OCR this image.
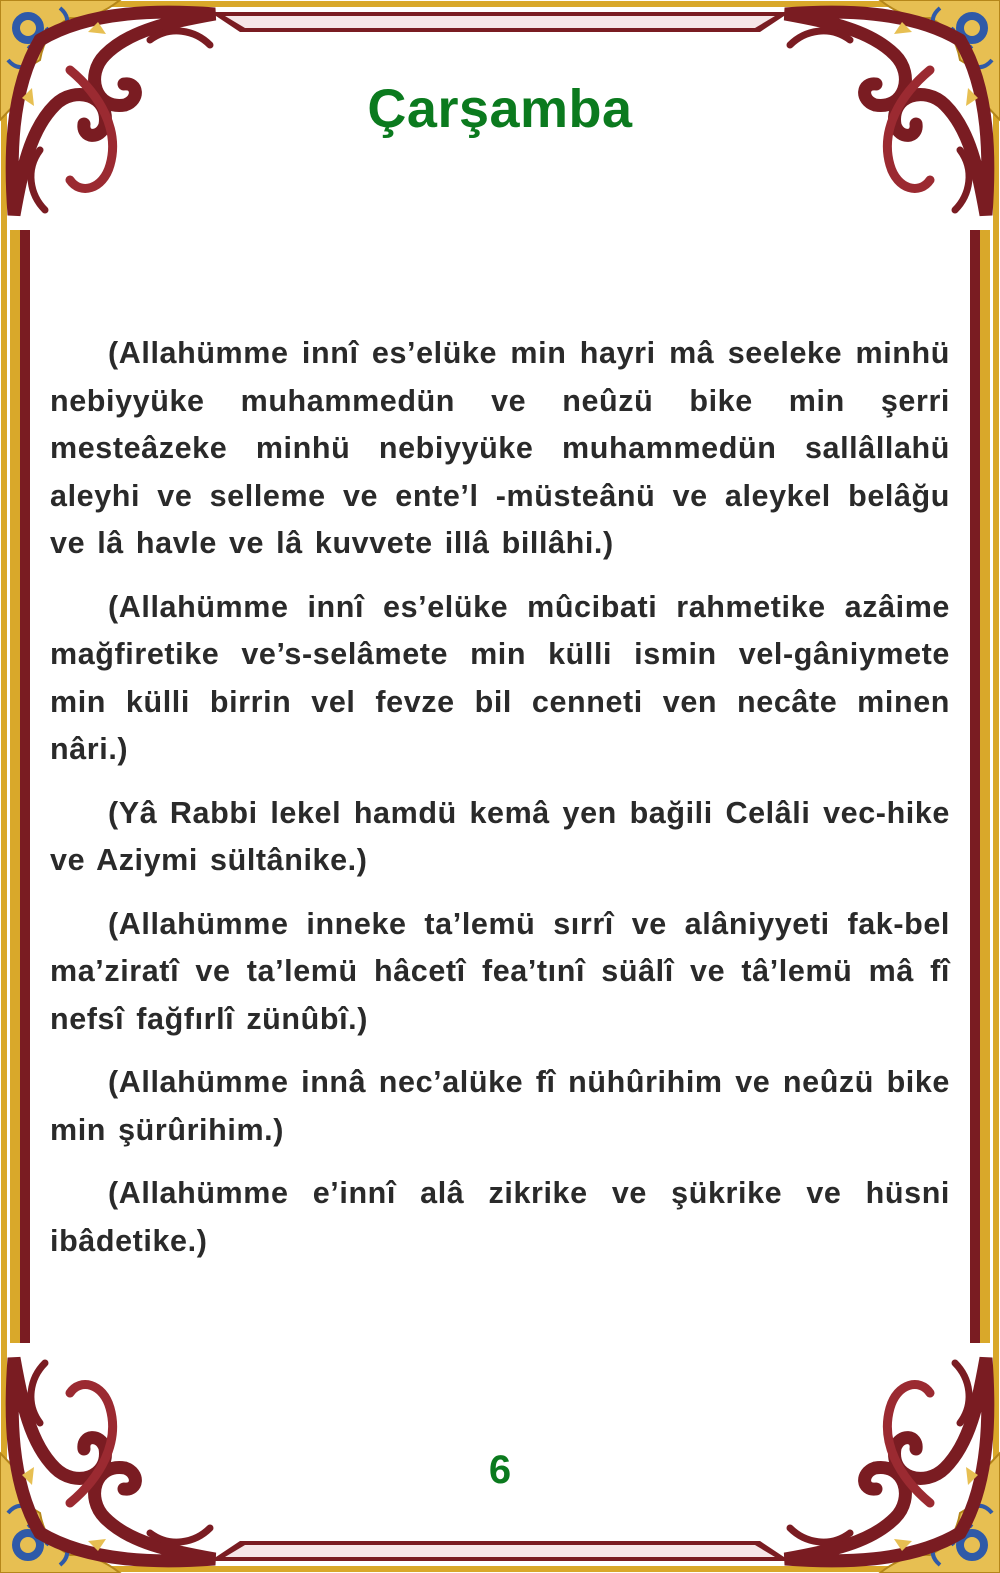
Çarşamba

(Allahümme innî es’elüke min hayri mâ seeleke minhü nebiyyüke muhammedün ve neûzü bike min şerri mesteâzeke minhü nebiyyüke muhammedün sallâllahü aleyhi ve selleme ve ente’l -müsteânü ve aleykel belâğu ve lâ havle ve lâ kuvvete illâ billâhi.)

(Allahümme innî es’elüke mûcibati rahmetike azâime mağfiretike ve’s-selâmete min külli ismin vel-gâniymete min külli birrin vel fevze bil cenneti ven necâte minen nâri.)

(Yâ Rabbi lekel hamdü kemâ yen bağili Celâli vec-hike ve Aziymi sültânike.)

(Allahümme inneke ta’lemü sırrî ve alâniyyeti fak-bel ma’ziratî ve ta’lemü hâcetî fea’tınî süâlî ve tâ’lemü mâ fî nefsî fağfırlî zünûbî.)

(Allahümme innâ nec’alüke fî nühûrihim ve neûzü bike min şürûrihim.)

(Allahümme e’innî alâ zikrike ve şükrike ve hüsni ibâdetike.)

6
